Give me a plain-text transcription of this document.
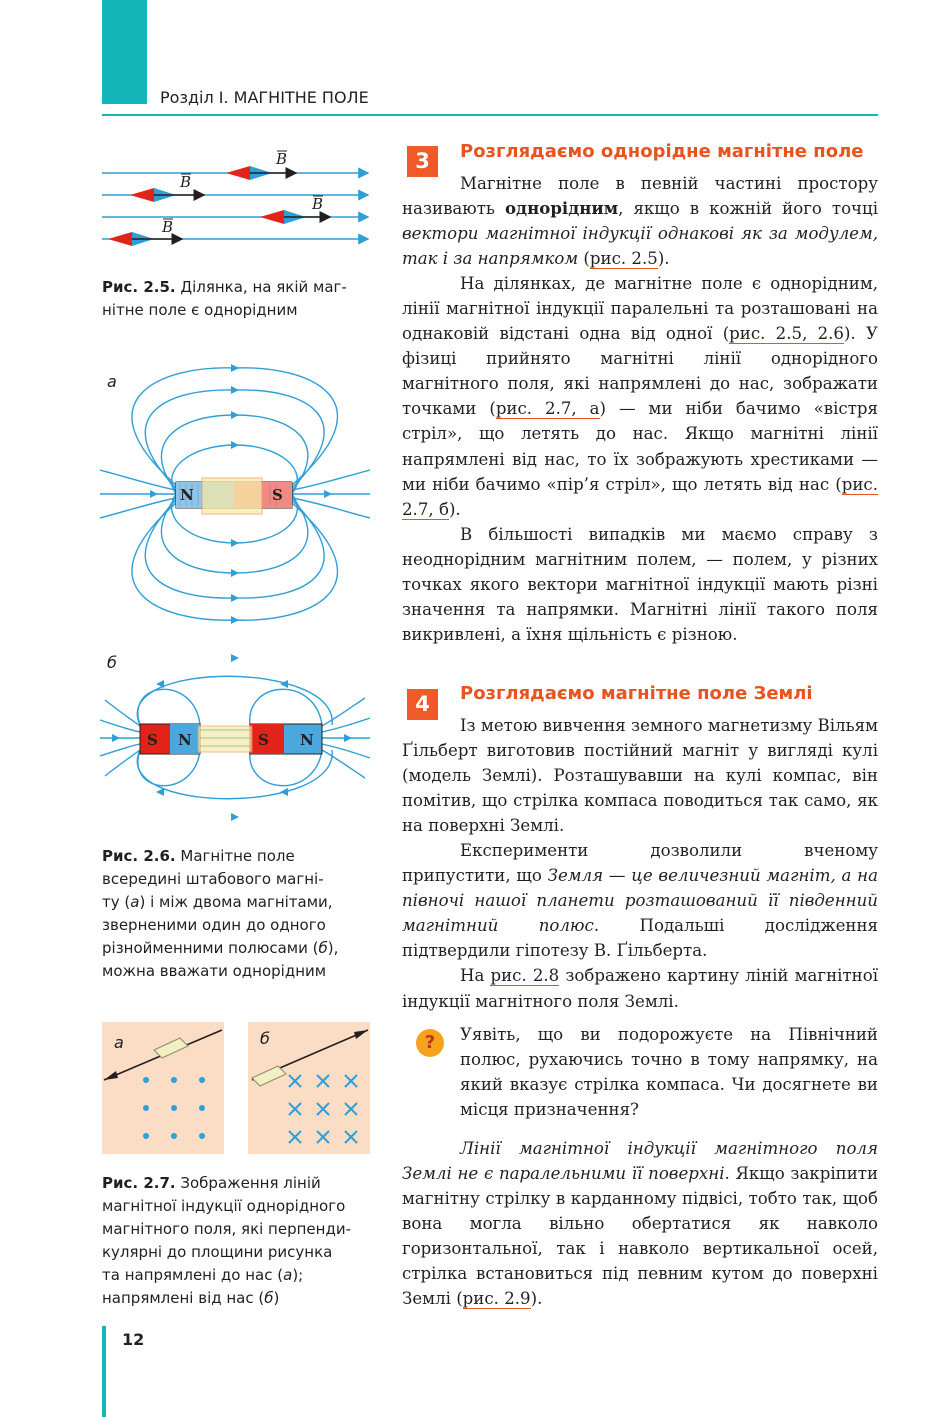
Розділ І. МАГНІТНЕ ПОЛЕ
B
B
B
B
Рис. 2.5. Ділянка, на якій маг-
нітне поле є однорідним
а
N	S
б
S N	S N
Рис. 2.6. Магнітне поле
всередині штабового магні-
ту (а) і між двома магнітами,
зверненими один до одного
різнойменними полюсами (б),
можна вважати однорідним
а	б
Рис. 2.7. Зображення ліній
магнітної індукції однорідного
магнітного поля, які перпенди-
кулярні до площини рисунка
та напрямлені до нас (а);
напрямлені від нас (б)
3	Розглядаємо однорідне магнітне поле

Магнітне поле в певній частині простору називають однорідним, якщо в кожній його точці вектори магнітної індукції однакові як за модулем, так і за напрямком (рис. 2.5).

На ділянках, де магнітне поле є однорідним, лінії магнітної індукції паралельні та розташовані на однаковій відстані одна від одної (рис. 2.5, 2.6). У фізиці прийнято магнітні лінії однорідного магнітного поля, які напрямлені до нас, зображати точками (рис. 2.7, а) — ми ніби бачимо «вістря стріл», що летять до нас. Якщо магнітні лінії напрямлені від нас, то їх зображують хрестиками — ми ніби бачимо «пір’я стріл», що летять від нас (рис. 2.7, б).

В більшості випадків ми маємо справу з неоднорідним магнітним полем, — полем, у різних точках якого вектори магнітної індукції мають різні значення та напрямки. Магнітні лінії такого поля викривлені, а їхня щільність є різною.

4	Розглядаємо магнітне поле Землі

Із метою вивчення земного магнетизму Вільям Ґільберт виготовив постійний магніт у вигляді кулі (модель Землі). Розташувавши на кулі компас, він помітив, що стрілка компаса поводиться так само, як на поверхні Землі.

Експерименти дозволили вченому припустити, що Земля — це величезний магніт, а на півночі нашої планети розташований її південний магнітний полюс. Подальші дослідження підтвердили гіпотезу В. Ґільберта.

На рис. 2.8 зображено картину ліній магнітної індукції магнітного поля Землі.

?	Уявіть, що ви подорожуєте на Північний полюс, рухаючись точно в тому напрямку, на який вказує стрілка компаса. Чи досягнете ви місця призначення?

Лінії магнітної індукції магнітного поля Землі не є паралельними її поверхні. Якщо закріпити магнітну стрілку в карданному підвісі, тобто так, щоб вона могла вільно обертатися як навколо горизонтальної, так і навколо вертикальної осей, стрілка встановиться під певним кутом до поверхні Землі (рис. 2.9).

12
